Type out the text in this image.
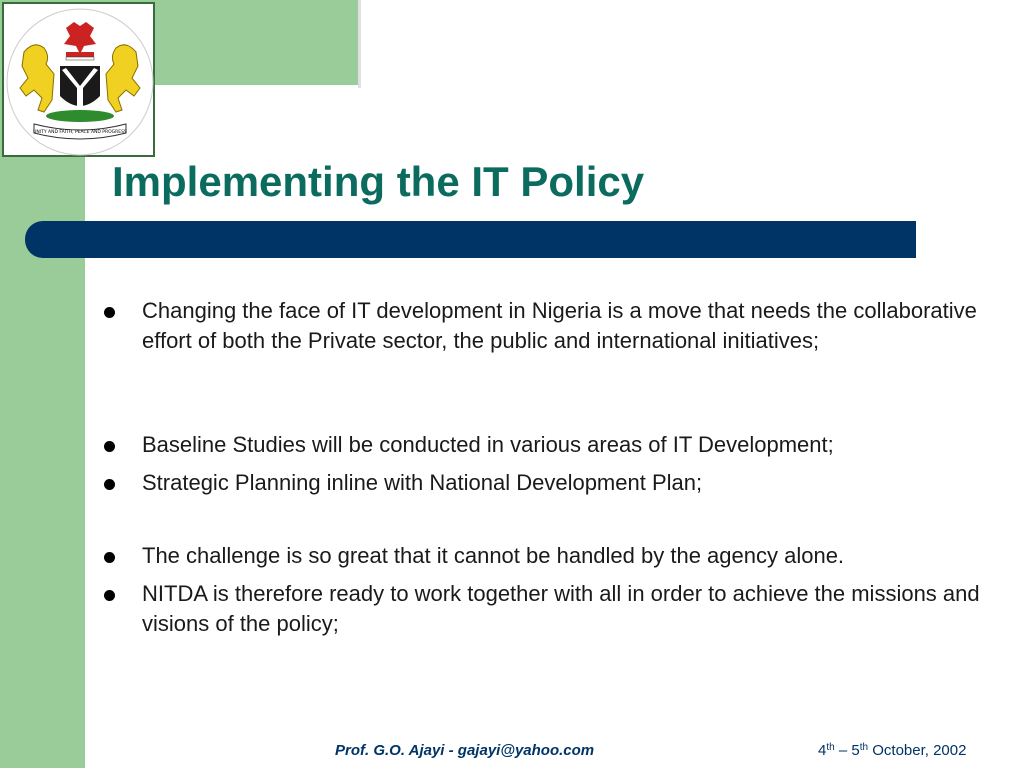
UNITY AND FAITH, PEACE AND PROGRESS
Implementing the IT Policy
Changing the face of IT development in Nigeria is a move that needs the collaborative effort of both the Private sector, the public and international initiatives;
Baseline Studies will be conducted in various areas of IT Development;
Strategic Planning inline with National Development Plan;
The challenge is so great that it cannot be handled by the agency alone.
NITDA is therefore ready to work together with all in order to achieve the missions and visions of the policy;
Prof. G.O. Ajayi - gajayi@yahoo.com	4th – 5th October, 2002
